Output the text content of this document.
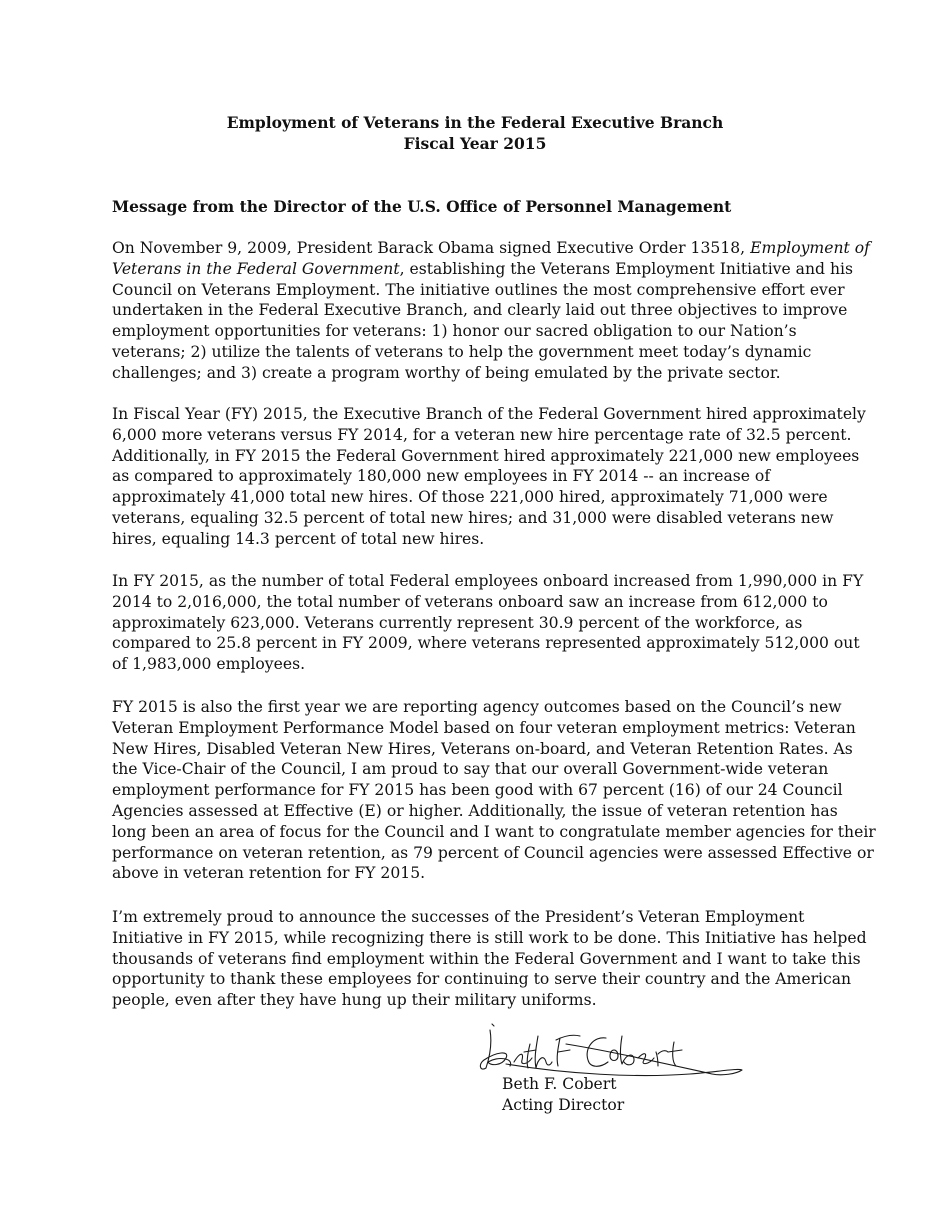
Employment of Veterans in the Federal Executive Branch
Fiscal Year 2015
Message from the Director of the U.S. Office of Personnel Management
On November 9, 2009, President Barack Obama signed Executive Order 13518, Employment of
Veterans in the Federal Government, establishing the Veterans Employment Initiative and his
Council on Veterans Employment. The initiative outlines the most comprehensive effort ever
undertaken in the Federal Executive Branch, and clearly laid out three objectives to improve
employment opportunities for veterans: 1) honor our sacred obligation to our Nation’s
veterans; 2) utilize the talents of veterans to help the government meet today’s dynamic
challenges; and 3) create a program worthy of being emulated by the private sector.
In Fiscal Year (FY) 2015, the Executive Branch of the Federal Government hired approximately
6,000 more veterans versus FY 2014, for a veteran new hire percentage rate of 32.5 percent.
Additionally, in FY 2015 the Federal Government hired approximately 221,000 new employees
as compared to approximately 180,000 new employees in FY 2014 -- an increase of
approximately 41,000 total new hires. Of those 221,000 hired, approximately 71,000 were
veterans, equaling 32.5 percent of total new hires; and 31,000 were disabled veterans new
hires, equaling 14.3 percent of total new hires.
In FY 2015, as the number of total Federal employees onboard increased from 1,990,000 in FY
2014 to 2,016,000, the total number of veterans onboard saw an increase from 612,000 to
approximately 623,000. Veterans currently represent 30.9 percent of the workforce, as
compared to 25.8 percent in FY 2009, where veterans represented approximately 512,000 out
of 1,983,000 employees.
FY 2015 is also the first year we are reporting agency outcomes based on the Council’s new
Veteran Employment Performance Model based on four veteran employment metrics: Veteran
New Hires, Disabled Veteran New Hires, Veterans on-board, and Veteran Retention Rates. As
the Vice-Chair of the Council, I am proud to say that our overall Government-wide veteran
employment performance for FY 2015 has been good with 67 percent (16) of our 24 Council
Agencies assessed at Effective (E) or higher. Additionally, the issue of veteran retention has
long been an area of focus for the Council and I want to congratulate member agencies for their
performance on veteran retention, as 79 percent of Council agencies were assessed Effective or
above in veteran retention for FY 2015.
I’m extremely proud to announce the successes of the President’s Veteran Employment
Initiative in FY 2015, while recognizing there is still work to be done. This Initiative has helped
thousands of veterans find employment within the Federal Government and I want to take this
opportunity to thank these employees for continuing to serve their country and the American
people, even after they have hung up their military uniforms.
Beth F. Cobert
Acting Director
